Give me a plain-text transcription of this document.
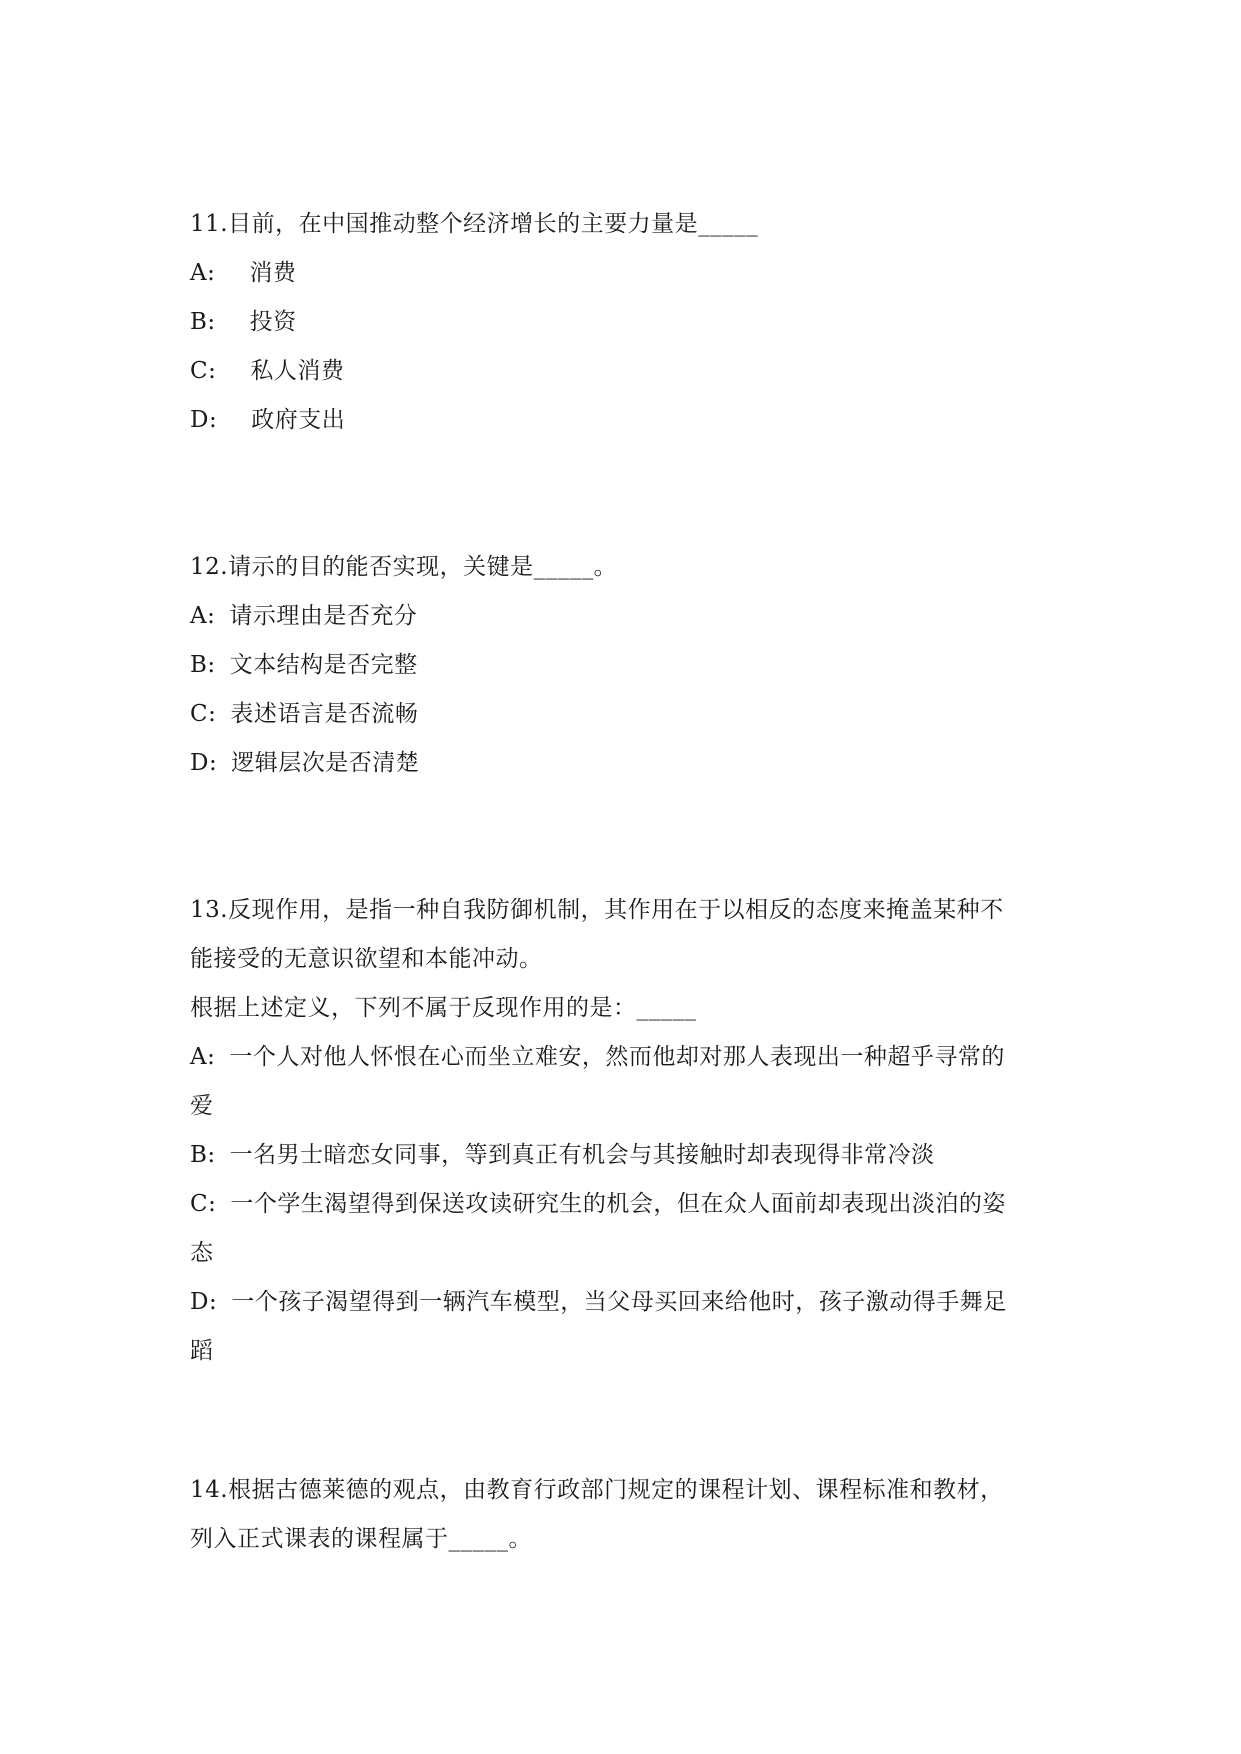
11.目前，在中国推动整个经济增长的主要力量是_____
A: 消费
B: 投资
C: 私人消费
D: 政府支出
12.请示的目的能否实现，关键是_____。
A: 请示理由是否充分
B: 文本结构是否完整
C: 表述语言是否流畅
D: 逻辑层次是否清楚
13.反现作用，是指一种自我防御机制，其作用在于以相反的态度来掩盖某种不
能接受的无意识欲望和本能冲动。
根据上述定义，下列不属于反现作用的是：_____
A: 一个人对他人怀恨在心而坐立难安，然而他却对那人表现出一种超乎寻常的
爱
B: 一名男士暗恋女同事，等到真正有机会与其接触时却表现得非常冷淡
C: 一个学生渴望得到保送攻读研究生的机会，但在众人面前却表现出淡泊的姿
态
D: 一个孩子渴望得到一辆汽车模型，当父母买回来给他时，孩子激动得手舞足
蹈
14.根据古德莱德的观点，由教育行政部门规定的课程计划、课程标准和教材，
列入正式课表的课程属于_____。
